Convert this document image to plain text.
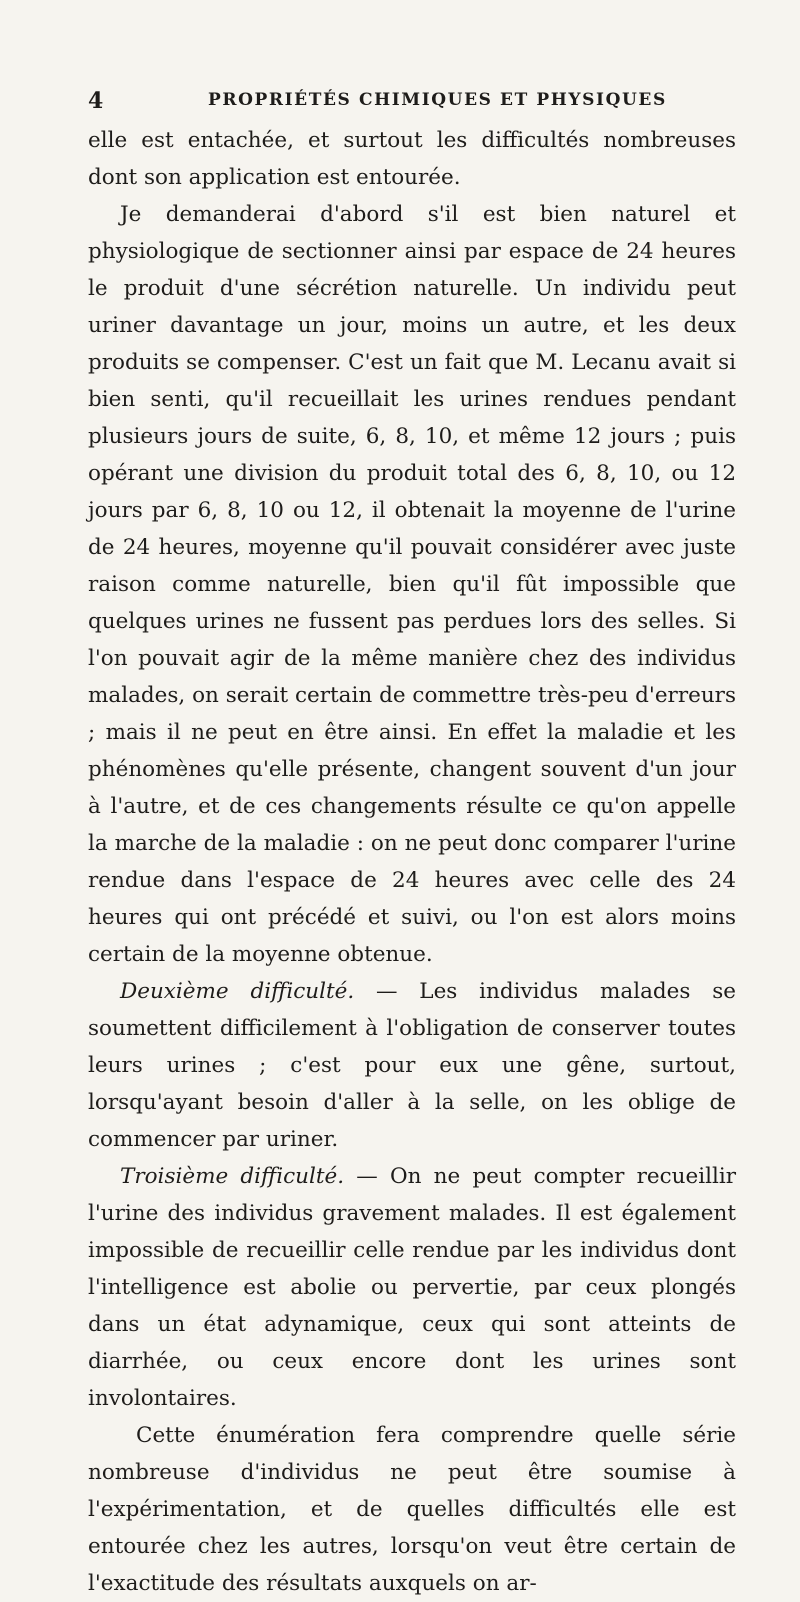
4	PROPRIÉTÉS CHIMIQUES ET PHYSIQUES

elle est entachée, et surtout les difficultés nombreuses dont son application est entourée.

Je demanderai d'abord s'il est bien naturel et physiologique de sectionner ainsi par espace de 24 heures le produit d'une sécrétion naturelle. Un individu peut uriner davantage un jour, moins un autre, et les deux produits se compenser. C'est un fait que M. Lecanu avait si bien senti, qu'il recueillait les urines rendues pendant plusieurs jours de suite, 6, 8, 10, et même 12 jours ; puis opérant une division du produit total des 6, 8, 10, ou 12 jours par 6, 8, 10 ou 12, il obtenait la moyenne de l'urine de 24 heures, moyenne qu'il pouvait considérer avec juste raison comme naturelle, bien qu'il fût impossible que quelques urines ne fussent pas perdues lors des selles. Si l'on pouvait agir de la même manière chez des individus malades, on serait certain de commettre très-peu d'erreurs ; mais il ne peut en être ainsi. En effet la maladie et les phénomènes qu'elle présente, changent souvent d'un jour à l'autre, et de ces changements résulte ce qu'on appelle la marche de la maladie : on ne peut donc comparer l'urine rendue dans l'espace de 24 heures avec celle des 24 heures qui ont précédé et suivi, ou l'on est alors moins certain de la moyenne obtenue.

Deuxième difficulté. — Les individus malades se soumettent difficilement à l'obligation de conserver toutes leurs urines ; c'est pour eux une gêne, surtout, lorsqu'ayant besoin d'aller à la selle, on les oblige de commencer par uriner.

Troisième difficulté. — On ne peut compter recueillir l'urine des individus gravement malades. Il est également impossible de recueillir celle rendue par les individus dont l'intelligence est abolie ou pervertie, par ceux plongés dans un état adynamique, ceux qui sont atteints de diarrhée, ou ceux encore dont les urines sont involontaires.

Cette énumération fera comprendre quelle série nombreuse d'individus ne peut être soumise à l'expérimentation, et de quelles difficultés elle est entourée chez les autres, lorsqu'on veut être certain de l'exactitude des résultats auxquels on ar-
